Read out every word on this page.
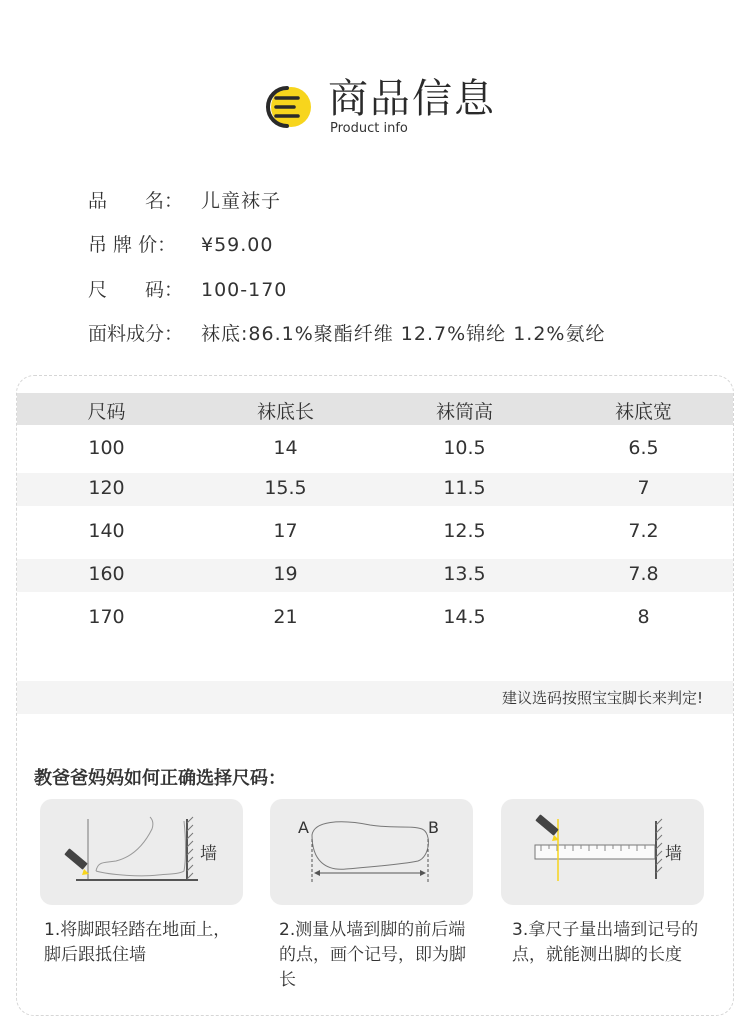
商品信息
Product info
品　　名： 儿童袜子
吊 牌 价：	¥59.00
尺　　码： 100-170
面料成分： 袜底:86.1%聚酯纤维 12.7%锦纶 1.2%氨纶
尺码	袜底长	袜筒高	袜底宽
100	14	10.5	6.5
120	15.5	11.5	7
140	17	12.5	7.2
160	19	13.5	7.8
170	21	14.5	8
建议选码按照宝宝脚长来判定!
教爸爸妈妈如何正确选择尺码：
墙
A	B
墙
1.将脚跟轻踏在地面上，脚后跟抵住墙
2.测量从墙到脚的前后端的点，画个记号，即为脚长
3.拿尺子量出墙到记号的点，就能测出脚的长度
